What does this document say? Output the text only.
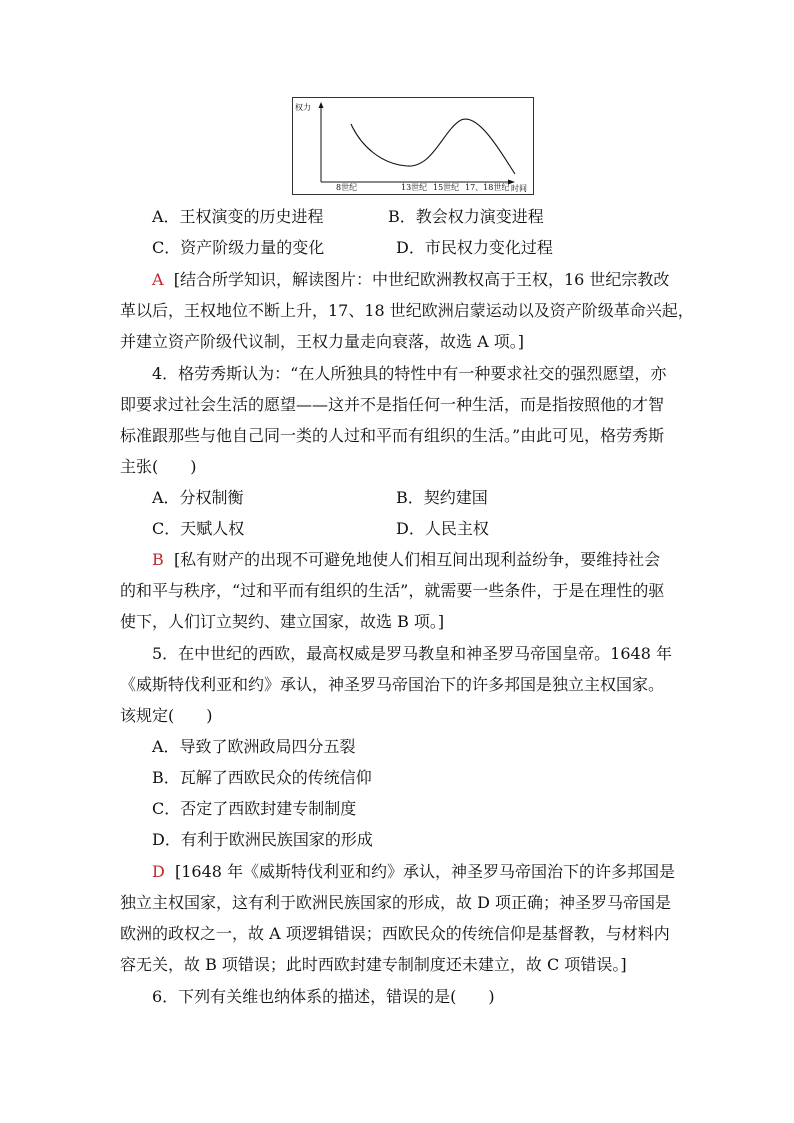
权力
时间
8世纪	13世纪 15世纪 17、18世纪
A．王权演变的历史进程	B．教会权力演变进程
C．资产阶级力量的变化	D．市民权力变化过程
A [结合所学知识，解读图片：中世纪欧洲教权高于王权，16 世纪宗教改
革以后，王权地位不断上升，17、18 世纪欧洲启蒙运动以及资产阶级革命兴起，
并建立资产阶级代议制，王权力量走向衰落，故选 A 项。]
4．格劳秀斯认为：“在人所独具的特性中有一种要求社交的强烈愿望，亦
即要求过社会生活的愿望——这并不是指任何一种生活，而是指按照他的才智
标准跟那些与他自己同一类的人过和平而有组织的生活。”由此可见，格劳秀斯
主张(　　)
A．分权制衡	B．契约建国
C．天赋人权	D．人民主权
B [私有财产的出现不可避免地使人们相互间出现利益纷争，要维持社会
的和平与秩序，“过和平而有组织的生活”，就需要一些条件，于是在理性的驱
使下，人们订立契约、建立国家，故选 B 项。]
5．在中世纪的西欧，最高权威是罗马教皇和神圣罗马帝国皇帝。1648 年
《威斯特伐利亚和约》承认，神圣罗马帝国治下的许多邦国是独立主权国家。
该规定(　　)
A．导致了欧洲政局四分五裂
B．瓦解了西欧民众的传统信仰
C．否定了西欧封建专制制度
D．有利于欧洲民族国家的形成
D [1648 年《威斯特伐利亚和约》承认，神圣罗马帝国治下的许多邦国是
独立主权国家，这有利于欧洲民族国家的形成，故 D 项正确；神圣罗马帝国是
欧洲的政权之一，故 A 项逻辑错误；西欧民众的传统信仰是基督教，与材料内
容无关，故 B 项错误；此时西欧封建专制制度还未建立，故 C 项错误。]
6．下列有关维也纳体系的描述，错误的是(　　)
